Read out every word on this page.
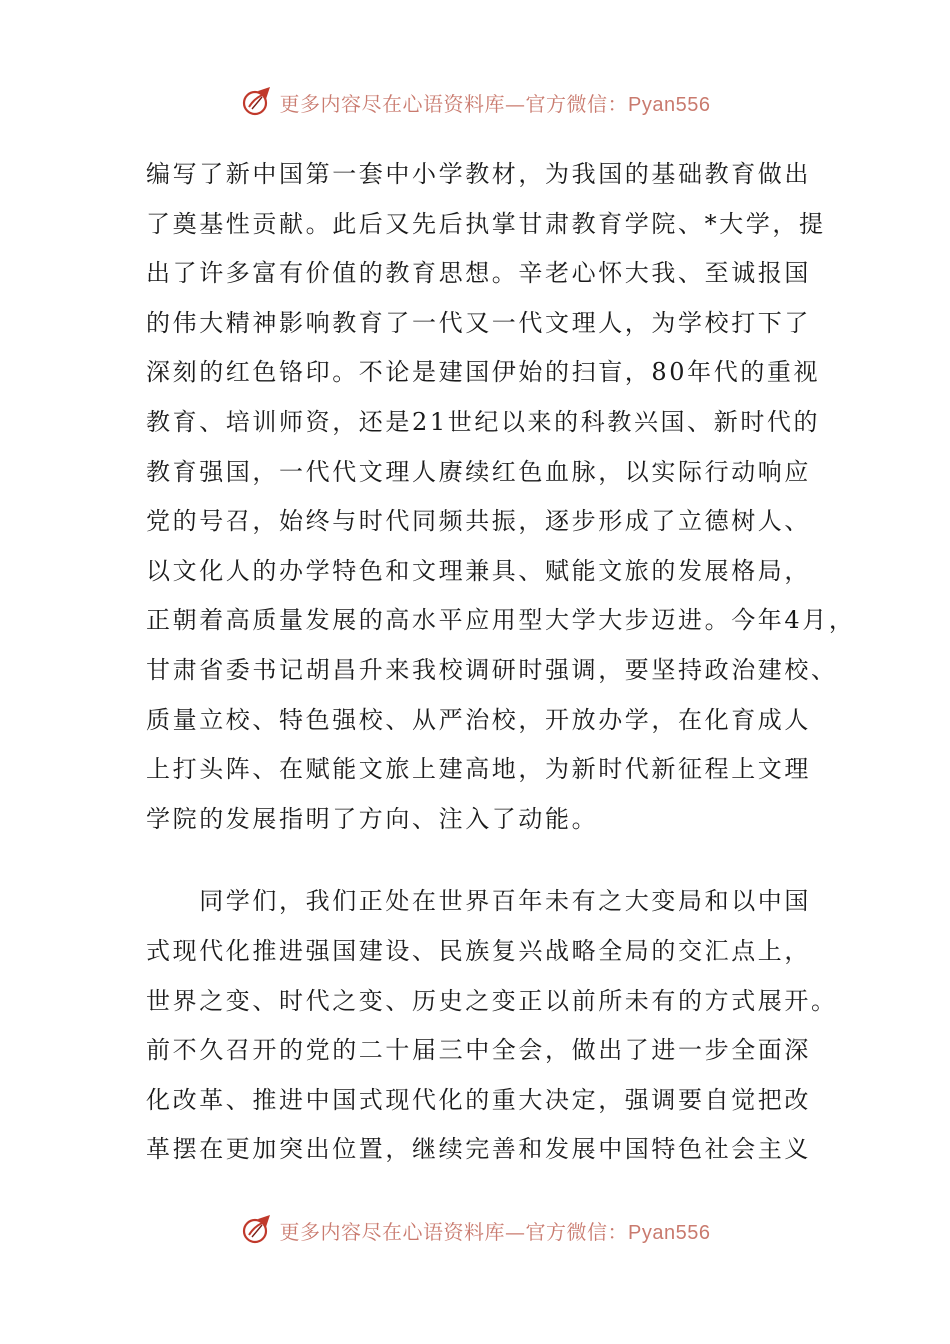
更多内容尽在心语资料库—官方微信：Pyan556
编写了新中国第一套中小学教材，为我国的基础教育做出
了奠基性贡献。此后又先后执掌甘肃教育学院、*大学，提
出了许多富有价值的教育思想。辛老心怀大我、至诚报国
的伟大精神影响教育了一代又一代文理人，为学校打下了
深刻的红色铬印。不论是建国伊始的扫盲，80年代的重视
教育、培训师资，还是21世纪以来的科教兴国、新时代的
教育强国，一代代文理人赓续红色血脉，以实际行动响应
党的号召，始终与时代同频共振，逐步形成了立德树人、
以文化人的办学特色和文理兼具、赋能文旅的发展格局，
正朝着高质量发展的高水平应用型大学大步迈进。今年4月，
甘肃省委书记胡昌升来我校调研时强调，要坚持政治建校、
质量立校、特色强校、从严治校，开放办学，在化育成人
上打头阵、在赋能文旅上建高地，为新时代新征程上文理
学院的发展指明了方向、注入了动能。
　　同学们，我们正处在世界百年未有之大变局和以中国
式现代化推进强国建设、民族复兴战略全局的交汇点上，
世界之变、时代之变、历史之变正以前所未有的方式展开。
前不久召开的党的二十届三中全会，做出了进一步全面深
化改革、推进中国式现代化的重大决定，强调要自觉把改
革摆在更加突出位置，继续完善和发展中国特色社会主义
更多内容尽在心语资料库—官方微信：Pyan556
